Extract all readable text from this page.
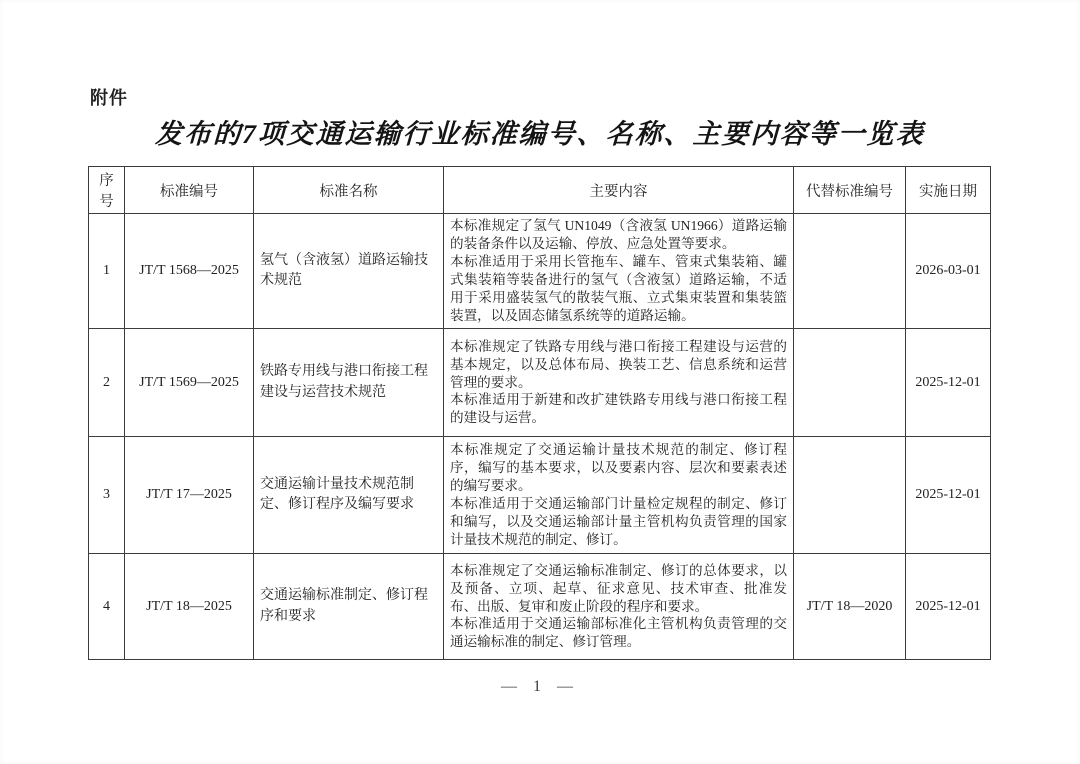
附件
发布的7项交通运输行业标准编号、名称、主要内容等一览表
序号	标准编号	标准名称	主要内容	代替标准编号	实施日期
1	JT/T 1568—2025	氢气（含液氢）道路运输技术规范	本标准规定了氢气 UN1049（含液氢 UN1966）道路运输的装备条件以及运输、停放、应急处置等要求。

本标准适用于采用长管拖车、罐车、管束式集装箱、罐式集装箱等装备进行的氢气（含液氢）道路运输，不适用于采用盛装氢气的散装气瓶、立式集束装置和集装篮装置，以及固态储氢系统等的道路运输。		2026-03-01
2	JT/T 1569—2025	铁路专用线与港口衔接工程建设与运营技术规范	本标准规定了铁路专用线与港口衔接工程建设与运营的基本规定，以及总体布局、换装工艺、信息系统和运营管理的要求。

本标准适用于新建和改扩建铁路专用线与港口衔接工程的建设与运营。		2025-12-01
3	JT/T 17—2025	交通运输计量技术规范制定、修订程序及编写要求	本标准规定了交通运输计量技术规范的制定、修订程序，编写的基本要求，以及要素内容、层次和要素表述的编写要求。

本标准适用于交通运输部门计量检定规程的制定、修订和编写，以及交通运输部计量主管机构负责管理的国家计量技术规范的制定、修订。		2025-12-01
4	JT/T 18—2025	交通运输标准制定、修订程序和要求	本标准规定了交通运输标准制定、修订的总体要求，以及预备、立项、起草、征求意见、技术审查、批准发布、出版、复审和废止阶段的程序和要求。

本标准适用于交通运输部标准化主管机构负责管理的交通运输标准的制定、修订管理。	JT/T 18—2020	2025-12-01
— 1 —
